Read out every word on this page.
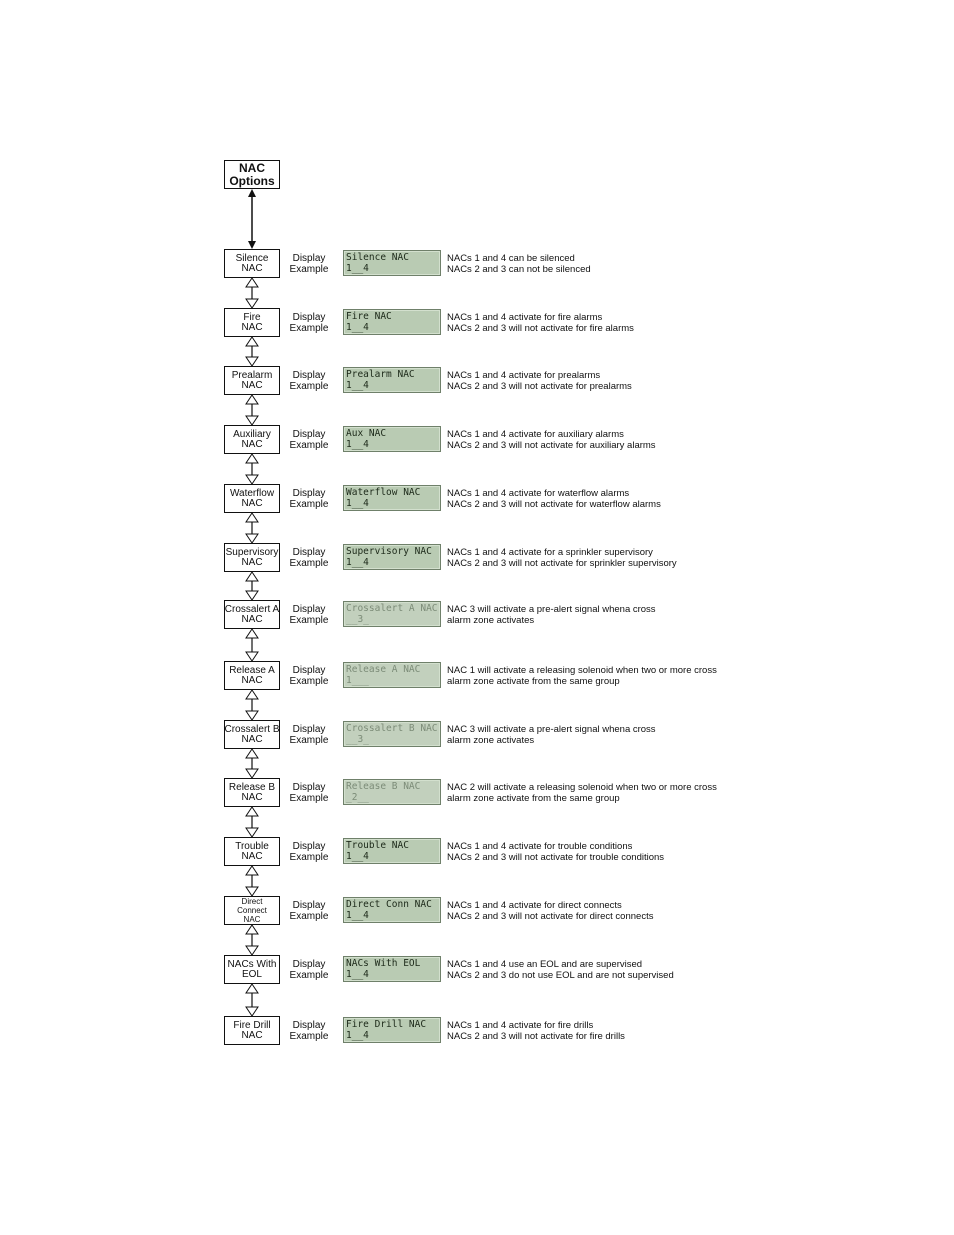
NAC
Options
Silence
NAC
Display
Example
Silence NAC
1__4
NACs 1 and 4 can be silenced
NACs 2 and 3 can not be silenced
Fire
NAC
Display
Example
Fire NAC
1__4
NACs 1 and 4 activate for fire alarms
NACs 2 and 3 will not activate for fire alarms
Prealarm
NAC
Display
Example
Prealarm NAC
1__4
NACs 1 and 4 activate for prealarms
NACs 2 and 3 will not activate for prealarms
Auxiliary
NAC
Display
Example
Aux NAC
1__4
NACs 1 and 4 activate for auxiliary alarms
NACs 2 and 3 will not activate for auxiliary alarms
Waterflow
NAC
Display
Example
Waterflow NAC
1__4
NACs 1 and 4 activate for waterflow alarms
NACs 2 and 3 will not activate for waterflow alarms
Supervisory
NAC
Display
Example
Supervisory NAC
1__4
NACs 1 and 4 activate for a sprinkler supervisory
NACs 2 and 3 will not activate for sprinkler supervisory
Crossalert A
NAC
Display
Example
Crossalert A NAC
__3_
NAC 3 will activate a pre-alert signal whena cross
alarm zone activates
Release A
NAC
Display
Example
Release A NAC
1___
NAC 1 will activate a releasing solenoid when two or more cross
alarm zone activate from the same group
Crossalert B
NAC
Display
Example
Crossalert B NAC
__3_
NAC 3 will activate a pre-alert signal whena cross
alarm zone activates
Release B
NAC
Display
Example
Release B NAC
_2__
NAC 2 will activate a releasing solenoid when two or more cross
alarm zone activate from the same group
Trouble
NAC
Display
Example
Trouble NAC
1__4
NACs 1 and 4 activate for trouble conditions
NACs 2 and 3 will not activate for trouble conditions
Direct
Connect
NAC
Display
Example
Direct Conn NAC
1__4
NACs 1 and 4 activate for direct connects
NACs 2 and 3 will not activate for direct connects
NACs With
EOL
Display
Example
NACs With EOL
1__4
NACs 1 and 4 use an EOL and are supervised
NACs 2 and 3 do not use EOL and are not supervised
Fire Drill
NAC
Display
Example
Fire Drill NAC
1__4
NACs 1 and 4 activate for fire drills
NACs 2 and 3 will not activate for fire drills
